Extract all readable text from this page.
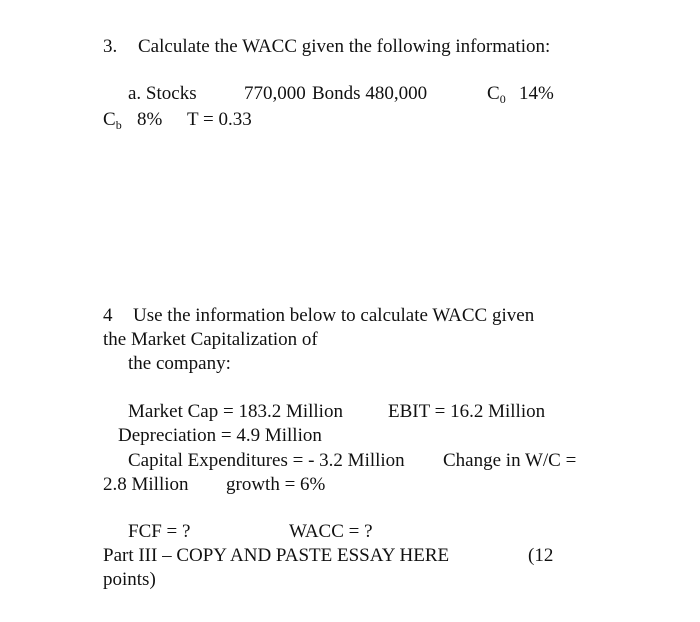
3. Calculate the WACC given the following information:
a. Stocks 770,000 Bonds 480,000	$C_0$ 14%
$C_b$ 8% T = 0.33
4 Use the information below to calculate WACC given
the Market Capitalization of
the company:
Market Cap = 183.2 Million EBIT = 16.2 Million
Depreciation = 4.9 Million
Capital Expenditures = - 3.2 Million Change in W/C =
2.8 Million growth = 6%
FCF = ?	WACC = ?
Part III – COPY AND PASTE ESSAY HERE	(12
points)
